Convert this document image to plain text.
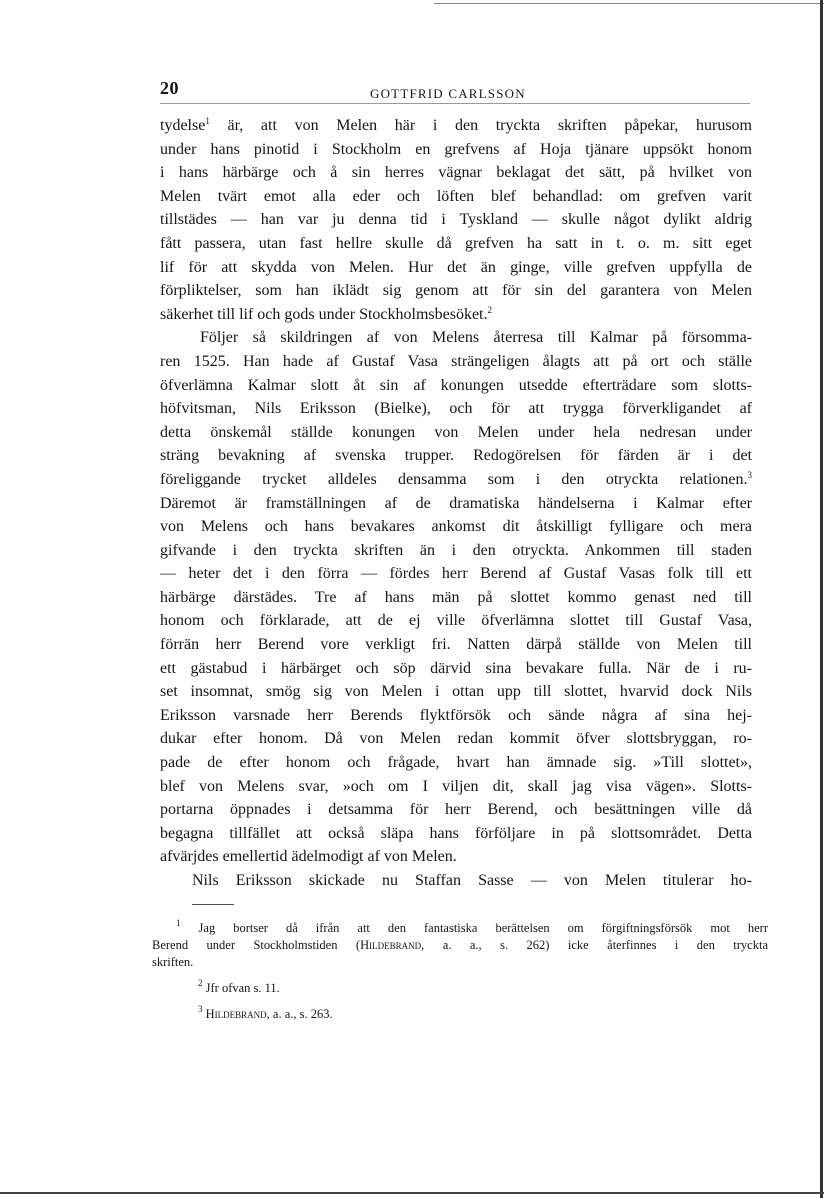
20	GOTTFRID CARLSSON
tydelse$^1$ är, att von Melen här i den tryckta skriften påpekar, hurusom
under hans pinotid i Stockholm en grefvens af Hoja tjänare uppsökt honom
i hans härbärge och å sin herres vägnar beklagat det sätt, på hvilket von
Melen tvärt emot alla eder och löften blef behandlad: om grefven varit
tillstädes — han var ju denna tid i Tyskland — skulle något dylikt aldrig
fått passera, utan fast hellre skulle då grefven ha satt in t. o. m. sitt eget
lif för att skydda von Melen. Hur det än ginge, ville grefven uppfylla de
förpliktelser, som han iklädt sig genom att för sin del garantera von Melen
säkerhet till lif och gods under Stockholmsbesöket.$^2$
Följer så skildringen af von Melens återresa till Kalmar på försomma-
ren 1525. Han hade af Gustaf Vasa strängeligen ålagts att på ort och ställe
öfverlämna Kalmar slott åt sin af konungen utsedde efterträdare som slotts-
höfvitsman, Nils Eriksson (Bielke), och för att trygga förverkligandet af
detta önskemål ställde konungen von Melen under hela nedresan under
sträng bevakning af svenska trupper. Redogörelsen för färden är i det
föreliggande trycket alldeles densamma som i den otryckta relationen.$^3$
Däremot är framställningen af de dramatiska händelserna i Kalmar efter
von Melens och hans bevakares ankomst dit åtskilligt fylligare och mera
gifvande i den tryckta skriften än i den otryckta. Ankommen till staden
— heter det i den förra — fördes herr Berend af Gustaf Vasas folk till ett
härbärge därstädes. Tre af hans män på slottet kommo genast ned till
honom och förklarade, att de ej ville öfverlämna slottet till Gustaf Vasa,
förrän herr Berend vore verkligt fri. Natten därpå ställde von Melen till
ett gästabud i härbärget och söp därvid sina bevakare fulla. När de i ru-
set insomnat, smög sig von Melen i ottan upp till slottet, hvarvid dock Nils
Eriksson varsnade herr Berends flyktförsök och sände några af sina hej-
dukar efter honom. Då von Melen redan kommit öfver slottsbryggan, ro-
pade de efter honom och frågade, hvart han ämnade sig. »Till slottet»,
blef von Melens svar, »och om I viljen dit, skall jag visa vägen». Slotts-
portarna öppnades i detsamma för herr Berend, och besättningen ville då
begagna tillfället att också släpa hans förföljare in på slottsområdet. Detta
afvärjdes emellertid ädelmodigt af von Melen.
Nils Eriksson skickade nu Staffan Sasse — von Melen titulerar ho-
$^1$ Jag bortser då ifrån att den fantastiska berättelsen om förgiftningsförsök mot herr
Berend under Stockholmstiden (Hildebrand, a. a., s. 262) icke återfinnes i den tryckta
skriften.
$^2$ Jfr ofvan s. 11.
$^3$ Hildebrand, a. a., s. 263.
